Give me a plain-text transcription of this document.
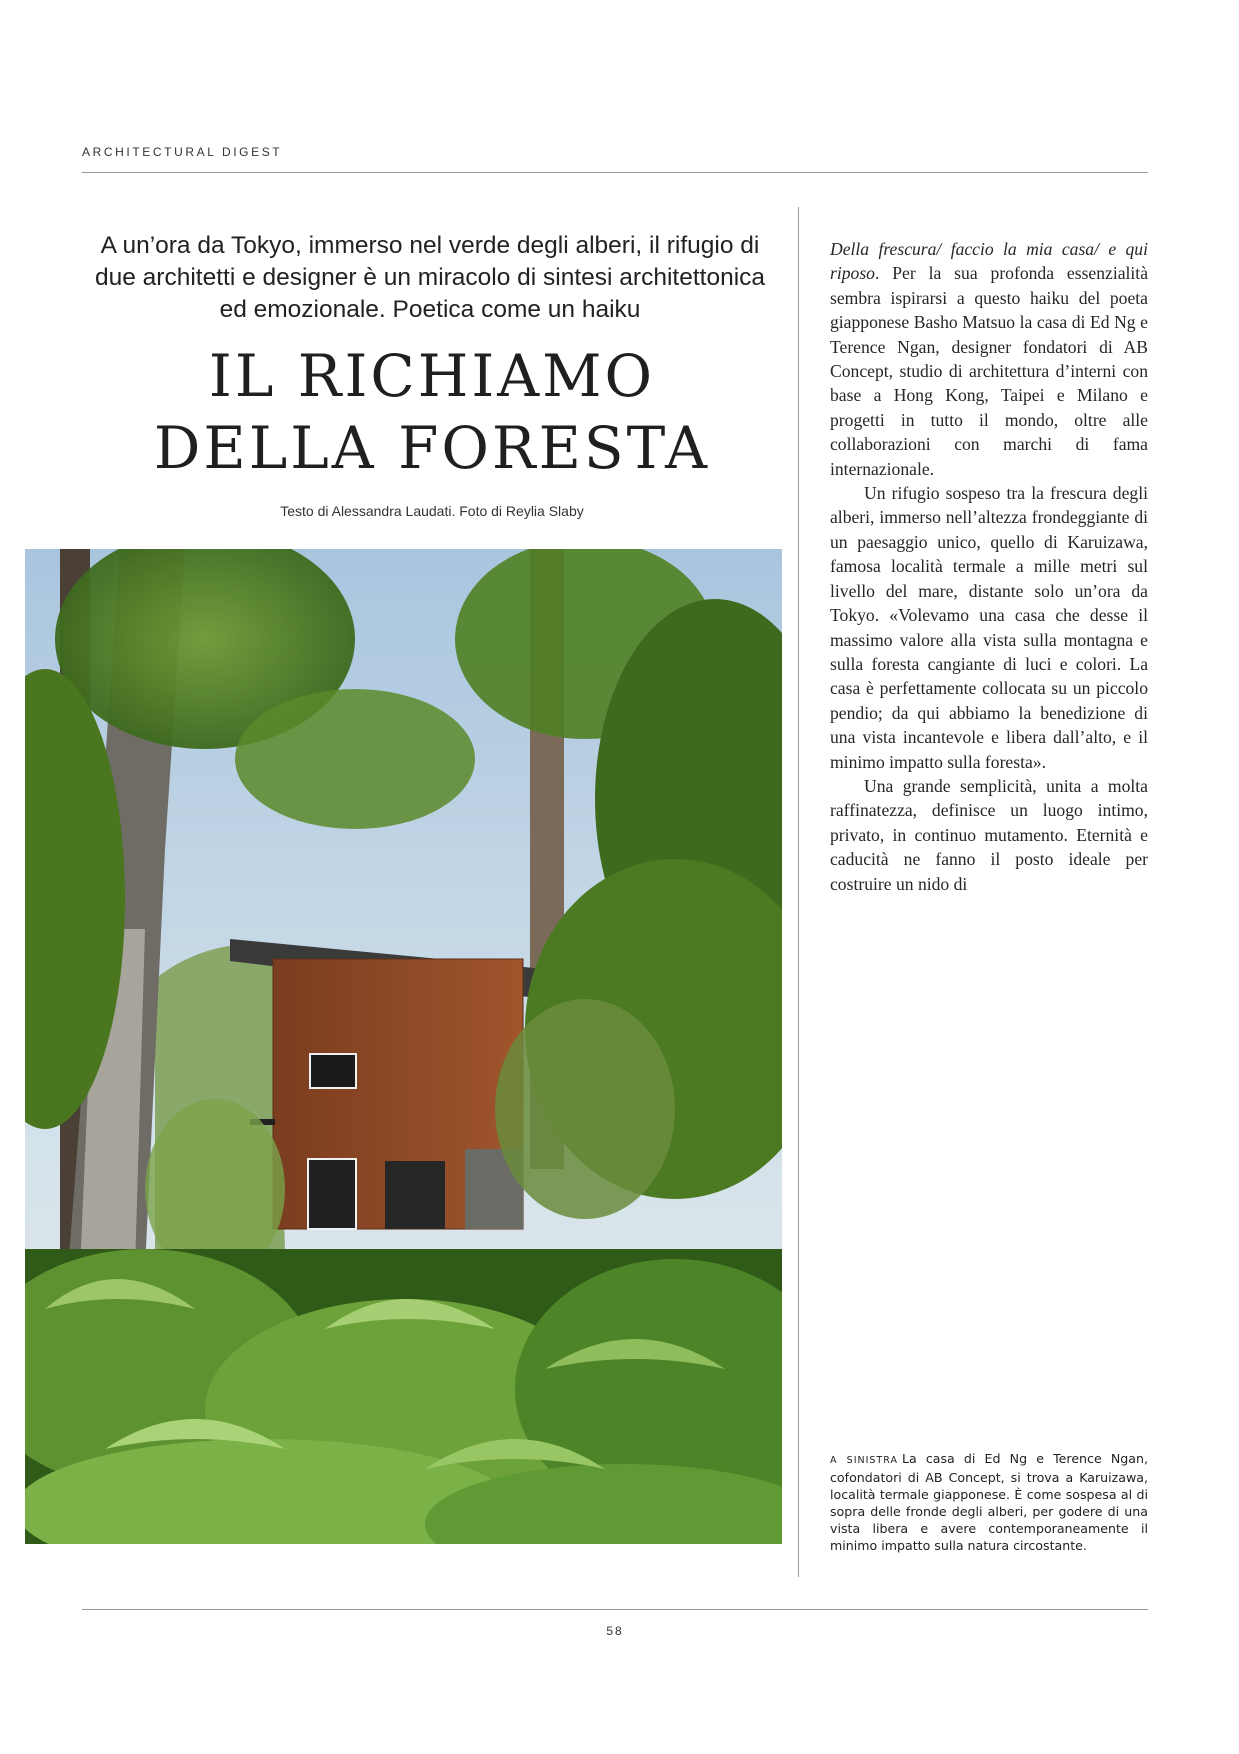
ARCHITECTURAL DIGEST
A un’ora da Tokyo, immerso nel verde degli alberi, il rifugio di due architetti e designer è un miracolo di sintesi architettonica ed emozionale. Poetica come un haiku
IL RICHIAMO
DELLA FORESTA
Testo di Alessandra Laudati. Foto di Reylia Slaby

Della frescura/ faccio la mia casa/ e qui riposo. Per la sua profonda essenzialità sembra ispirarsi a questo haiku del poeta giapponese Basho Matsuo la casa di Ed Ng e Terence Ngan, designer fondatori di AB Concept, studio di architettura d’interni con base a Hong Kong, Taipei e Milano e progetti in tutto il mondo, oltre alle collaborazioni con marchi di fama internazionale.

Un rifugio sospeso tra la frescura degli alberi, immerso nell’altezza frondeggiante di un paesaggio unico, quello di Karuizawa, famosa località termale a mille metri sul livello del mare, distante solo un’ora da Tokyo. «Volevamo una casa che desse il massimo valore alla vista sulla montagna e sulla foresta cangiante di luci e colori. La casa è perfettamente collocata su un piccolo pendio; da qui abbiamo la benedizione di una vista incantevole e libera dall’alto, e il minimo impatto sulla foresta».

Una grande semplicità, unita a molta raffinatezza, definisce un luogo intimo, privato, in continuo mutamento. Eternità e caducità ne fanno il posto ideale per costruire un nido di

A SINISTRA La casa di Ed Ng e Terence Ngan, cofondatori di AB Concept, si trova a Karuizawa, località termale giapponese. È come sospesa al di sopra delle fronde degli alberi, per godere di una vista libera e avere contemporaneamente il minimo impatto sulla natura circostante.
58
